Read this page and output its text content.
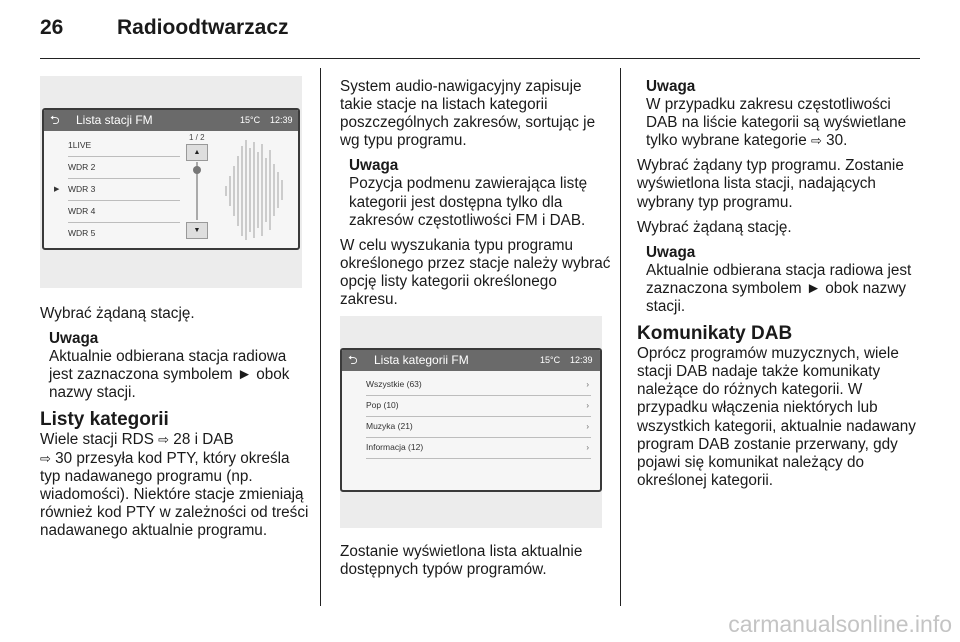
26	Radioodtwarzacz
⮌ Lista stacji FM	15°C 12:39
1LIVE
WDR 2
▶ WDR 3
WDR 4
WDR 5
1 / 2
▲
▼

Wybrać żądaną stację.

Uwaga
Aktualnie odbierana stacja radiowa jest zaznaczona symbolem ► obok nazwy stacji.
Listy kategorii

Wiele stacji RDS ⇨ 28 i DAB
⇨ 30 przesyła kod PTY, który określa typ nadawanego programu (np. wiadomości). Niektóre stacje zmieniają również kod PTY w zależności od treści nadawanego aktualnie programu.

System audio-nawigacyjny zapisuje takie stacje na listach kategorii poszczególnych zakresów, sortując je wg typu programu.

Uwaga
Pozycja podmenu zawierająca listę kategorii jest dostępna tylko dla zakresów częstotliwości FM i DAB.

W celu wyszukania typu programu określonego przez stacje należy wybrać opcję listy kategorii określonego zakresu.

⮌ Lista kategorii FM	15°C 12:39
Wszystkie (63)	›
Pop (10)	›
Muzyka (21)	›
Informacja (12)	›

Zostanie wyświetlona lista aktualnie dostępnych typów programów.

Uwaga
W przypadku zakresu częstotliwości DAB na liście kategorii są wyświetlane tylko wybrane kategorie ⇨ 30.

Wybrać żądany typ programu. Zostanie wyświetlona lista stacji, nadających wybrany typ programu.

Wybrać żądaną stację.

Uwaga
Aktualnie odbierana stacja radiowa jest zaznaczona symbolem ► obok nazwy stacji.
Komunikaty DAB

Oprócz programów muzycznych, wiele stacji DAB nadaje także komunikaty należące do różnych kategorii. W przypadku włączenia niektórych lub wszystkich kategorii, aktualnie nadawany program DAB zostanie przerwany, gdy pojawi się komunikat należący do określonej kategorii.

carmanualsonline.info
